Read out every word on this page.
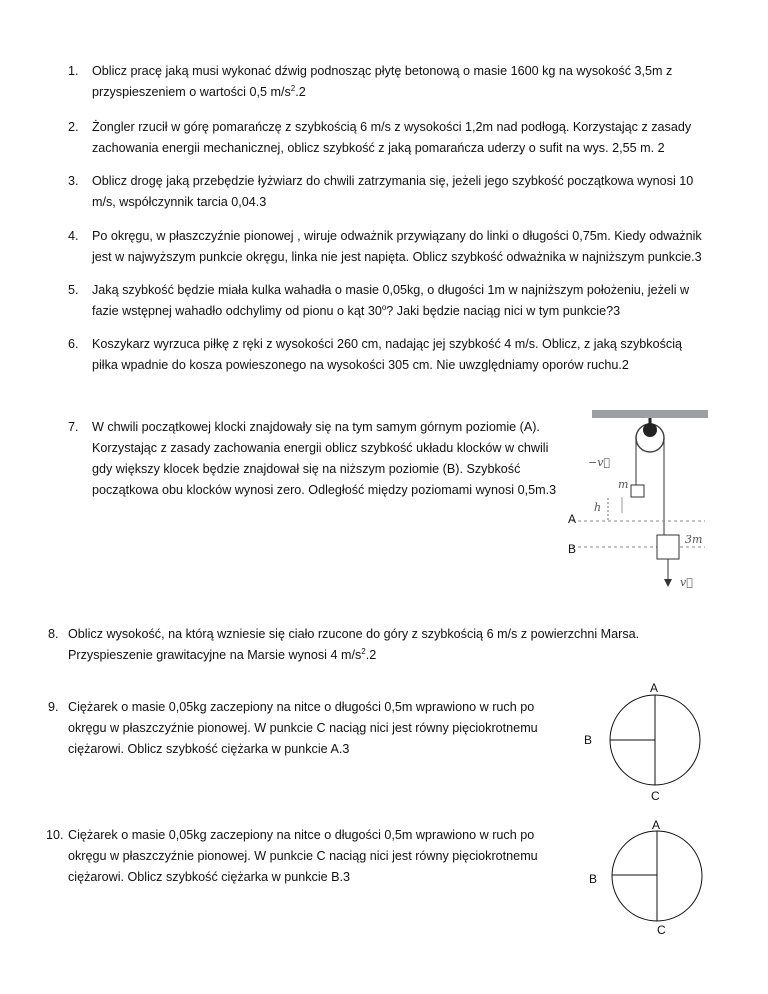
1. Oblicz pracę jaką musi wykonać dźwig podnosząc płytę betonową o masie 1600 kg na wysokość 3,5m z przyspieszeniem o wartości 0,5 $m/s^2.2$
2. Żongler rzucił w górę pomarańczę z szybkością 6 m/s z wysokości 1,2m nad podłogą. Korzystając z zasady zachowania energii mechanicznej, oblicz szybkość z jaką pomarańcza uderzy o sufit na wys. 2,55 m. 2
3. Oblicz drogę jaką przebędzie łyżwiarz do chwili zatrzymania się, jeżeli jego szybkość początkowa wynosi 10 m/s, współczynnik tarcia 0,04.3
4. Po okręgu, w płaszczyźnie pionowej , wiruje odważnik przywiązany do linki o długości 0,75m. Kiedy odważnik jest w najwyższym punkcie okręgu, linka nie jest napięta. Oblicz szybkość odważnika w najniższym punkcie.3
5. Jaką szybkość będzie miała kulka wahadła o masie 0,05kg, o długości 1m w najniższym położeniu, jeżeli w fazie wstępnej wahadło odchylimy od pionu o kąt 30$^o$? Jaki będzie naciąg nici w tym punkcie?3
6. Koszykarz wyrzuca piłkę z ręki z wysokości 260 cm, nadając jej szybkość 4 m/s. Oblicz, z jaką szybkością piłka wpadnie do kosza powieszonego na wysokości 305 cm. Nie uwzględniamy oporów ruchu.2
7. W chwili początkowej klocki znajdowały się na tym samym górnym poziomie (A). Korzystając z zasady zachowania energii oblicz szybkość układu klocków w chwili gdy większy klocek będzie znajdował się na niższym poziomie (B). Szybkość początkowa obu klocków wynosi zero. Odległość między poziomami wynosi 0,5m.3	m
−v⃗
h
A
B
3m
v⃗
8. Oblicz wysokość, na którą wzniesie się ciało rzucone do góry z szybkością 6 m/s z powierzchni Marsa. Przyspieszenie grawitacyjne na Marsie wynosi 4 $m/s^2.2$
9. Ciężarek o masie 0,05kg zaczepiony na nitce o długości 0,5m wprawiono w ruch po okręgu w płaszczyźnie pionowej. W punkcie C naciąg nici jest równy pięciokrotnemu ciężarowi. Oblicz szybkość ciężarka w punkcie A.3
A
B
C
10. Ciężarek o masie 0,05kg zaczepiony na nitce o długości 0,5m wprawiono w ruch po okręgu w płaszczyźnie pionowej. W punkcie C naciąg nici jest równy pięciokrotnemu ciężarowi. Oblicz szybkość ciężarka w punkcie B.3
A
B
C
